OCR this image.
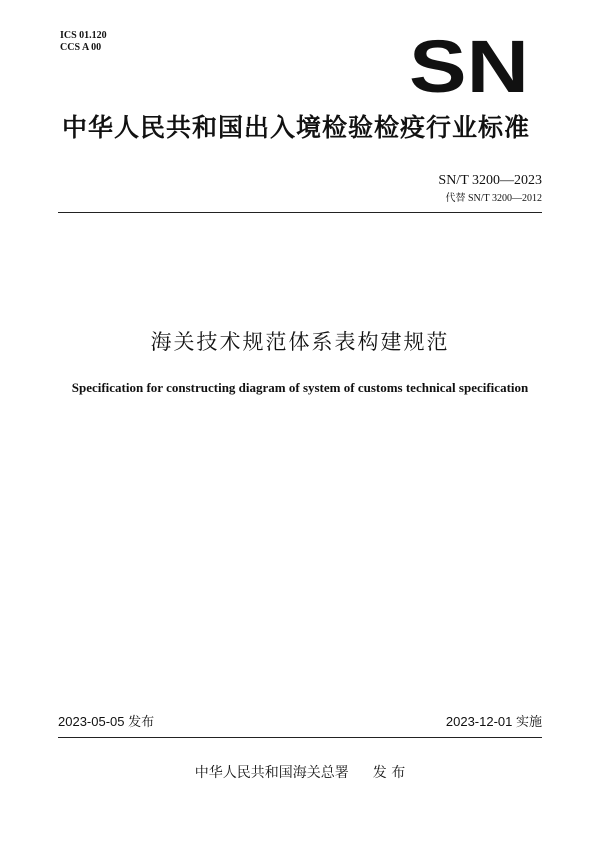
ICS 01.120
CCS A 00	SN
中华人民共和国出入境检验检疫行业标准
SN/T 3200—2023
代替 SN/T 3200—2012
海关技术规范体系表构建规范
Specification for constructing diagram of system of customs technical specification
2023-05-05 发布	2023-12-01 实施
中华人民共和国海关总署 发 布
